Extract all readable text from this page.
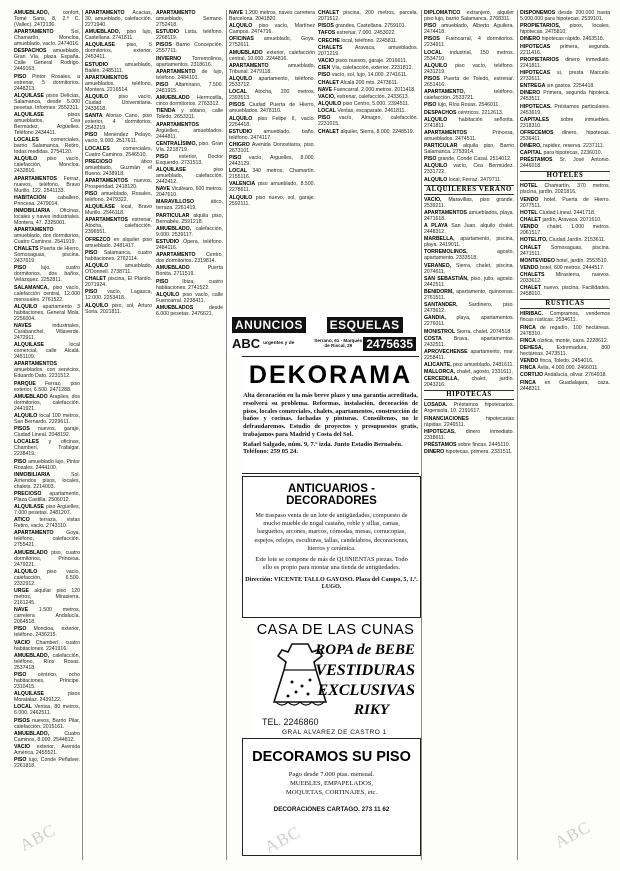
AMUEBLADO,	confort, Tomé Sans, 8, 2.º C. (Vallec). 2472136.

APARTAMENTO	Sol, Chamartín, Moncloa, amueblado, vacío. 2474016.

DESPACHOS amueblado, Gran Vía, plaza España. Calle General Rodrigo. 2449163.

PISO Pintor Rosales, a estrenar, 5 dormitorios. 2448213.

ALQUILASE pisos Delicias, Salamanca, desde 5.000 pesetas. Informes: 2552311.

ALQUILASE	pisos amueblados, Cea Bermúdez, Argüelles. Teléfono 2434411.

LOCALES comerciales, barrio Salamanca, Retiro, todas medidas. 2754120.

ALQUILO piso vacío, calefacción, Moncloa. 2432816.

APARTAMENTOS Ferraz, nuevos, teléfono, Bravo Murillo, 122. 2541133.

HABITACIÓN caballero, Princesa. 2479014.

INMOBILIARIA Oficinas, locales y naves industriales. Montera, 47. 2325001.

APARTAMENTO amueblado, dos dormitorios, Cuatro Caminos. 2541919.

CHALETS Puerta de Hierro, Somosaguas, piscina. 2437619.

PISO	lujo, cuatro dormitorios, dos baños, Velázquez. 2252811.

SALAMANCA, piso vacío, calefacción central, 12.000 mensuales. 2761522.

ALQUILO apartamento 3 habitaciones, General Mola. 2256004.

NAVES	industriales, Carabanchel, Villaverde. 2472911.

ALQUILASE	local comercial, calle Alcalá. 2451109.

APARTAMENTOS amueblados, con servicios, Eduardo Dato. 2231512.

PARQUE Ferraz, piso exterior, 6.500. 2471288.

AMUEBLADO Arapiles, dos dormitorios, calefacción. 2441921.

ALQUILO local 100 metros, San Bernardo. 2229611.

PISOS nuevos, garaje, Ciudad Lineal. 2048192.

LOCALES y oficinas, Chamberí, Trafalgar. 2238419.

PISO amueblado lujo, Pintor Rosales. 2444100.

INMOBILIARIA	Sol. Arriendos pisos, locales, chalets. 2214003.

PRECIOSO apartamento, Plaza Castilla. 2506012.

ALQUILASE piso Argüelles, 7.000 pesetas. 2481207.

ATICO terraza, vistas Retiro, vacío. 2743110.

APARTAMENTO Goya, teléfono, calefacción. 2755421.

AMUEBLADO piso, cuatro dormitorios, Princesa. 2479221.

ALQUILO piso vacío, calefacción, 6.500. 2332912.

URGE alquilar piso 120 metros, Mirasierra. 2161245.

NAVE 1.500 metros, carretera Andalucía. 2064518.

PISO Moncloa, exterior, teléfono. 2436215.

VACIO Chamberí, cuatro habitaciones. 2241916.

AMUEBLADO, calefacción, teléfono, Ríos Rosas. 2537418.

PISO céntrico, ocho habitaciones, Príncipe. 2310415.

ALQUILASE	pisos Moratalaz. 2439122.

LOCAL Ventas, 80 metros, 6.000. 2462511.

PISOS nuevos, Barrio Pilar, calefacción. 2015161.

AMUEBLADO,	Cuatro Caminos, 8.000. 2544812.

VACIO exterior, Avenida América. 2455521.

PISO lujo, Conde Peñalver. 2261818.

APARTAMENTO Acacias, 30, amueblado, calefacción. 2271940.

AMUEBLADO, piso lujo, Castellana. 2741811.

ALQUILASE piso, 5 dormitorios, exterior. 2453411.

ESTUDIO	amueblado, Bailén. 2485111.

APARTAMENTOS amueblados, teléfono, Montera. 2216514.

ALQUILO piso vacío, Ciudad Universitaria. 2433618.

SANTA Alonso Cano, piso exterior, 4 dormitorios. 2543219.

PISO Menéndez Pelayo, vacío, 9.000. 2517611.

LOCALES	comerciales, Cuatro Caminos. 2546510.

PRECIOSO	ático amueblado, Guzmán el Bueno. 2438918.

APARTAMENTOS nuevos, Prosperidad. 2418120.

PISO amueblado, Rosales, teléfono. 2479322.

ALQUILASE local, Bravo Murillo. 2546118.

APARTAMENTOS estrenar, Atocha, calefacción. 2396551.

OFREZCO en alquiler piso amueblado. 2481417.

PISO Salamanca, cuatro habitaciones. 2762114.

ALQUILO	amueblado, O'Donnell. 2738711.

CHALET piscina, El Plantío. 2071924.

PISO vacío, Lagasca, 12.000. 2253418.

ALQUILO piso, sol, Arturo Soria. 2021811.

APARTAMENTO amueblado, Serrano. 2752418.

ESTUDIO Lista, teléfono. 2268119.

PISOS Barrio Concepción. 2557711.

INVIERNO Torremolinos, apartamentos. 2318616.

APARTAMENTO de lujo, teléfono. 2484101.

PISO Altamirano, 7.500. 2481915.

AMUEBLADO Hermosilla, cinco dormitorios. 2763312.

TIENDA y sótano, calle Toledo. 2653311.

APARTAMENTOS Argüelles, amueblados. 2444811.

CENTRALÍSIMO, piso, Gran Vía. 2218719.

PISO exterior, Doctor Esquerdo. 2731513.

ALQUILASE	piso amueblado, calefacción. 2442412.

NAVE Vicálvaro, 600 metros. 2047610.

MARAVILLOSO	ático, terraza. 2261419.

PARTICULAR alquila piso, Bernabéu. 2591218.

AMUEBLADO, calefacción, 9.000. 2539117.

ESTUDIO Ópera, teléfono. 2484116.

APARTAMENTO Centro, dos dormitorios. 2319814.

AMUEBLADO	Puerta Bonita. 2711519.

PISO	Ibiza, cuatro habitaciones. 2741522.

ALQUILO piso vacío, calle Fuencarral. 2238411.

AMUEBLADOS	desde 6.000 pesetas. 2476621.

NAVE 1.200 metros, naves carretera Barcelona. 2041820.

ALQUILO piso vacío, Martínez Campos. 2474716.

OFICINAS amueblado, Goya. 2752611.

AMUEBLADO exterior, calefacción central, 10.000. 2244816.

APARTAMENTO	amueblado, Tribunal. 2479118.

ALQUILO apartamento, teléfono. 2533712.

LOCAL Atocha, 200 metros. 2393513.

PISOS Ciudad Puerta de Hierro, amueblados. 2478110.

ALQUILO piso Felipe II, vacío. 2254418.

ESTUDIO amueblado, baño, teléfono. 2474117.

CHIGRO Avenida Donostiarra, piso. 2673101.

PISO vacío, Arguelles, 8.000. 2443129.

LOCAL 340 metros, Chamartín. 2155116.

VALENCIA piso amueblado, 8.500. 2278611.

ALQUILO piso nuevo, sol, garaje. 2592111.

CHALET piscina, 200 metros, parcela. 2071512.

PISOS grandes, Castellana. 2759101.

TAFOS estrenar, 7.000. 2453022.

CRECHE local, teléfono. 2245811.

CHALETS Aravaca, amueblados. 2071219.

VACIO pisos nuevos, garaje. 2016611.

CIEN Vía, calefacción, exterior. 2231812.

PISO vacío, sol, lujo, 14.000. 2741611.

CHALET Alcalá 200 mts. 2473611.

NAVE Fuencarral, 2.000 metros. 2011418.

VACIO, estrenar, calefacción. 2433613.

ALQUILO piso Centro, 5.000. 2394511.

LOCAL Ventas, escaparate. 2461811.

PISO vacío, Almagro, calefacción. 2231015.

CHALET alquiler, Sierra, 8.000. 2248519.

DIPLOMÁTICO extranjero, alquiler piso lujo, barrio Salamanca. 2768311.

PISO amueblado, Alberto Aguilera. 2474418.

PISOS Fuencarral, 4 dormitorios. 2234911.

LOCAL industrial, 150 metros. 2534710.

ALQUILO piso vacío, teléfono. 2431219.

PISOS Puerta de Toledo, estrenar. 2651416.

APARTAMENTO,	teléfono, calefacción. 2533721.

PISO lujo, Ríos Rosas. 2546011.

DESPACHOS céntricos. 2212613.

ALQUILO habitación señorita. 2741811.

APARTAMENTOS	Princesa, amueblados. 2474511.

PARTICULAR alquila piso, Barrio Salamanca. 2753914.

PISO grande, Conde Casal. 2514012.

ALQUILO vacío, Cea Bermúdez. 2331722.

ALQUILO local, Ferraz. 2479711.

ALQUILERES VERANO

VACIO, Maravillas, piso grande. 2539211.

APARTAMENTOS amueblados, playa. 2471618.

A PLAYA San Juan, alquilo chalet. 2448312.

MARBELLA, apartamento, piscina, playa. 2419011.

TORREMOLINOS,	agosto, apartamento. 2333518.

VERANEO, Sierra, chalet, piscina. 2074611.

SAN SEBASTIÁN, piso, julio, agosto. 2442511.

BENIDORM, apartamento, quincenas. 2761511.

SANTANDER, Sardinero, piso. 2473612.

GANDIA, playa, apartamentos. 2276011.

MONISTROL Sierra, chalet. 2074518.

COSTA Brava, apartamentos. 2432511.

APROVECHENSE apartamento, mar. 2258411.

ALICANTE, piso amueblado. 2481611.

MALLORCA, chalet, agosto. 2331611.

CERCEDILLA, chalet, jardín. 2043216.

HIPOTECAS

LOSADA. Préstamos hipotecarios. Argensola, 10. 2191617.

FINANCIACIONES	hipotecarias rápidas. 2246511.

HIPOTECAS, dinero inmediato. 2318611.

PRÉSTAMOS sobre fincas. 2445110.

DINERO hipotecas, primera. 2331511.

DISPONEMOS desde 200.000 hasta 5.000.000 para hipotecas. 2539101.

PROPIETARIOS, pisos, locales, hipotecas. 2475810.

DINERO hipotecas rápido. 2463518.

HIPOTECAS primera, segunda. 2211416.

PROPIETARIOS dinero inmediato. 2241811.

HIPOTECAS si, presta Marcelo. 2732611.

ENTREGA sin gastos. 2254418.

DINERO Primera, segunda hipoteca. 2453511.

HIPOTECAS. Préstamos particulares. 2453619.

CAPITALES sobre inmuebles. 2318310.

OFRECEMOS dinero, hipotecas. 2536411.

DINERO, rapidez, reserva. 2237111.

CAPITAL para hipotecas, 2236010.

PRÉSTAMOS Sr. José Antonio. 2446018.

HOTELES

HOTEL Chamartín, 370 metros, piscina, jardín. 2021816.

VENDO hotel, Puerta de Hierro. 2077511.

HOTEL Ciudad Lineal. 2441718.

CHALET jardín, Aravaca. 2071610.

VENDO chalet, 1.000 metros. 2061517.

HOTELITO, Ciudad Jardín. 2153611.

CHALET Somosaguas, piscina. 2471511.

MONTEVIDEO hotel, jardín. 2553510.

VENDO hotel, 600 metros. 2444517.

CHALETS Mirasierra, nuevos. 2033612.

CHALET nuevo, piscina, Facilidades. 2458010.

RUSTICAS

HIRIBAC. Compramos, vendemos fincas rústicas. 2534611.

FINCA de regadío, 100 hectáreas. 2478310.

FINCA rústica, monte, caza. 2228612.

DEHESA,	Extremadura, 800 hectáreas. 2473511.

VENDO finca, Toledo. 2454016.

FINCA Ávila, 4.000.000. 2466011.

CORTIJO Andalucía, olivar. 2764918.

FINCA en Guadalajara, caza. 2448311.

ANUNCIOS
ABC urgentes y de
ESQUELAS
Serrano, 61 - Marqués de Riscal, 29 2475635
DEKORAMA
Alta decoración en la más breve plazo y una garantía acreditada, resolverá su problema. Reformas, instalación, decoración de pisos, locales comerciales, chalets, apartamentos, construcción de baños y cocinas, fachadas y pinturas. Consúltenos, no le defraudaremos. Estudio de proyectos y presupuestos gratis, trabajamos para Madrid y Costa del Sol.
Rafael Salgado, núm. 9, 7.º izda. Junto Estadio Bernabéu. Teléfono: 259 05 24.
ANTICUARIOS - DECORADORES
Me traspaso venta de un lote de antigüedades, compuesto de mucho mueble de nogal castaño, roble y sillas, camas, bargueños, arcones, marcos, cómodas, mesas, cornucopias, espejos, relojes, esculturas, tallas, candelabros, decoraciones, hierros y cerámica.
Este lote se compone de más de QUINIENTAS piezas. Todo ello es propio para montar una tienda de antigüedades.
Dirección: VICENTE TALLO GAYOSO. Plaza del Campo, 5, 1.º. LUGO.
CASA DE LAS CUNAS
ROPA de BEBE
VESTIDURAS
EXCLUSIVAS
RIKY
TEL. 2246860
GRAL ALVAREZ DE CASTRO 1
DECORAMOS SU PISO
Pago desde 7.000 ptas. mensual.
MUEBLES, EMPAPELADOS,
MOQUETAS, CORTINAJES, etc.
DECORACIONES CARTAGO. 273 11 62
ABC	ABC	ABC
